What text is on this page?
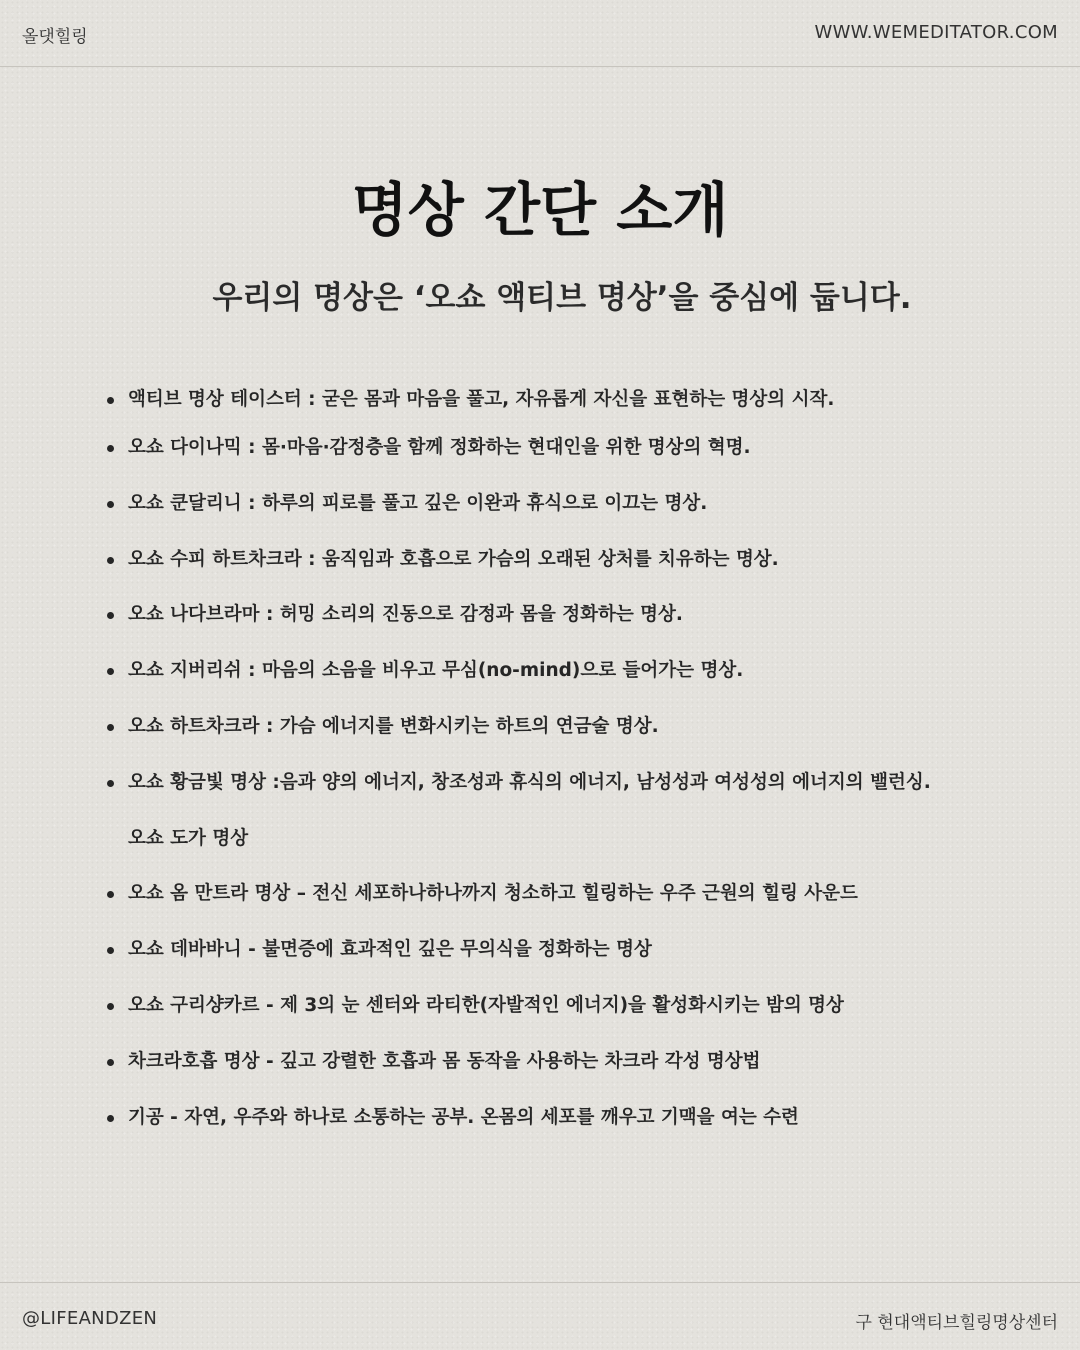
올댓힐링	WWW.WEMEDITATOR.COM
명상 간단 소개
우리의 명상은 ‘오쇼 액티브 명상’을 중심에 둡니다.
액티브 명상 테이스터 : 굳은 몸과 마음을 풀고, 자유롭게 자신을 표현하는 명상의 시작.
오쇼 다이나믹 : 몸·마음·감정층을 함께 정화하는 현대인을 위한 명상의 혁명.
오쇼 쿤달리니 : 하루의 피로를 풀고 깊은 이완과 휴식으로 이끄는 명상.
오쇼 수피 하트차크라 : 움직임과 호흡으로 가슴의 오래된 상처를 치유하는 명상.
오쇼 나다브라마 : 허밍 소리의 진동으로 감정과 몸을 정화하는 명상.
오쇼 지버리쉬 : 마음의 소음을 비우고 무심(no-mind)으로 들어가는 명상.
오쇼 하트차크라 : 가슴 에너지를 변화시키는 하트의 연금술 명상.
오쇼 황금빛 명상 :음과 양의 에너지, 창조성과 휴식의 에너지, 남성성과 여성성의 에너지의 밸런싱.
오쇼 도가 명상
오쇼 옴 만트라 명상 – 전신 세포하나하나까지 청소하고 힐링하는 우주 근원의 힐링 사운드
오쇼 데바바니 - 불면증에 효과적인 깊은 무의식을 정화하는 명상
오쇼 구리샹카르 - 제 3의 눈 센터와 라티한(자발적인 에너지)을 활성화시키는 밤의 명상
차크라호흡 명상 - 깊고 강렬한 호흡과 몸 동작을 사용하는 차크라 각성 명상법
기공 - 자연, 우주와 하나로 소통하는 공부. 온몸의 세포를 깨우고 기맥을 여는 수련
@LIFEANDZEN	구 현대액티브힐링명상센터
